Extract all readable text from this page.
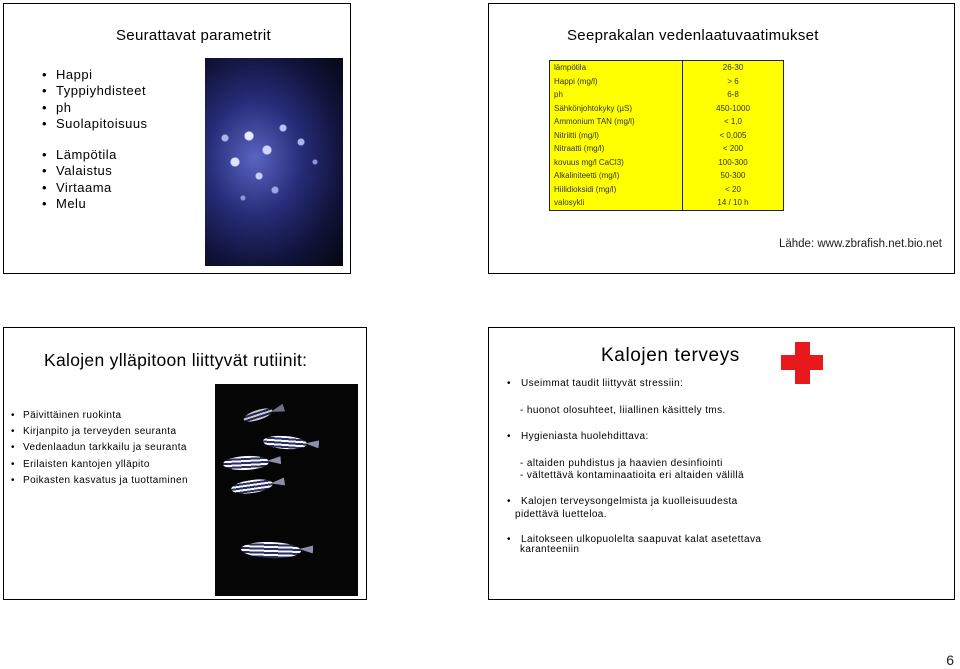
Seurattavat parametrit
• Happi
• Typpiyhdisteet
• ph
• Suolapitoisuus
• Lämpötila
• Valaistus
• Virtaama
• Melu
Seeprakalan vedenlaatuvaatimukset
lämpötila	26-30
Happi (mg/l)	> 6
ph	6-8
Sähkönjohtokyky (µS)	450-1000
Ammonium TAN (mg/l)	< 1,0
Nitriitti (mg/l)	< 0,005
Nitraatti (mg/l)	< 200
kovuus mg/l CaCl3)	100-300
Alkaliniteetti (mg/l)	50-300
Hiilidioksidi (mg/l)	< 20
valosykli	14 / 10 h
Lähde: www.zbrafish.net.bio.net
Kalojen ylläpitoon liittyvät rutiinit:
• Päivittäinen ruokinta
• Kirjanpito ja terveyden seuranta
• Vedenlaadun tarkkailu ja seuranta
• Erilaisten kantojen ylläpito
• Poikasten kasvatus ja tuottaminen
Kalojen terveys
• Useimmat taudit liittyvät stressiin:
- huonot olosuhteet, liiallinen käsittely tms.
• Hygieniasta huolehdittava:
- altaiden puhdistus ja haavien desinfiointi
- vältettävä kontaminaatioita eri altaiden välillä
• Kalojen terveysongelmista ja kuolleisuudesta
pidettävä luetteloa.
• Laitokseen ulkopuolelta saapuvat kalat asetettava
karanteeniin
6
